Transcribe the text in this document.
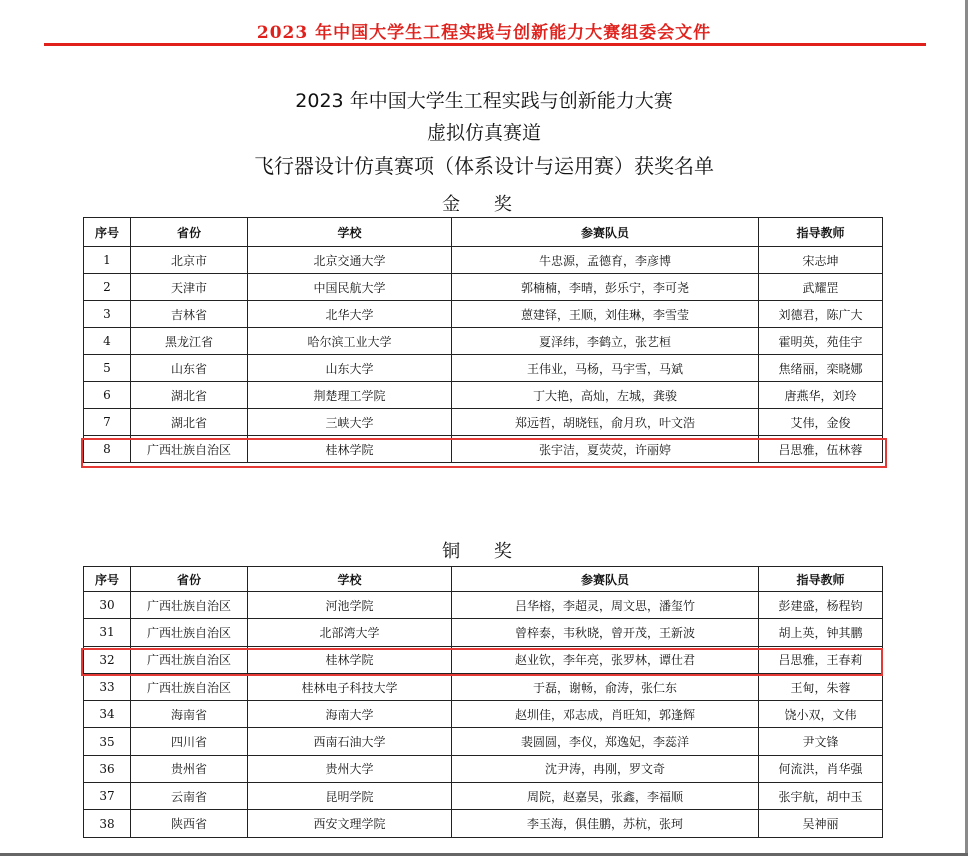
2023 年中国大学生工程实践与创新能力大赛组委会文件
2023 年中国大学生工程实践与创新能力大赛
虚拟仿真赛道
飞行器设计仿真赛项（体系设计与运用赛）获奖名单
金 奖
序号	省份	学校	参赛队员	指导教师
1	北京市	北京交通大学	牛忠源，孟德育，李彦博	宋志坤
2	天津市	中国民航大学	郭楠楠，李晴，彭乐宁，李可尧	武耀罡
3	吉林省	北华大学	蒽建铎，王顺，刘佳琳，李雪莹	刘德君，陈广大
4	黑龙江省	哈尔滨工业大学	夏泽纬，李鹤立，张艺桓	霍明英，苑佳宇
5	山东省	山东大学	王伟业，马杨，马宇雪，马斌	焦绪丽，栾晓娜
6	湖北省	荆楚理工学院	丁大艳，高灿，左城，龚骏	唐燕华，刘玲
7	湖北省	三峡大学	郑远哲，胡晓钰，俞月玖，叶文浩	艾伟，金俊
8	广西壮族自治区	桂林学院	张宇洁，夏荧荧，许丽婷	吕思雅，伍林蓉
铜 奖
序号	省份	学校	参赛队员	指导教师
30	广西壮族自治区	河池学院	吕华榕，李超灵，周文思，潘玺竹	彭建盛，杨程钧
31	广西壮族自治区	北部湾大学	曾梓泰，韦秋晓，曾开茂，王新波	胡上英，钟其鹏
32	广西壮族自治区	桂林学院	赵业钦，李年亮，张罗林，谭仕君	吕思雅，王春莉
33	广西壮族自治区	桂林电子科技大学	于磊，谢畅，俞涛，张仁东	王甸，朱蓉
34	海南省	海南大学	赵圳佳，邓志成，肖旺知，郭逢辉	饶小双，文伟
35	四川省	西南石油大学	裴圆圆，李仪，郑逸妃，李蕊洋	尹文锋
36	贵州省	贵州大学	沈尹涛，冉刚，罗文奇	何流洪，肖华强
37	云南省	昆明学院	周院，赵嘉昊，张鑫，李福顺	张宇航，胡中玉
38	陕西省	西安文理学院	李玉海，俱佳鹏，苏杭，张珂	吴神丽
